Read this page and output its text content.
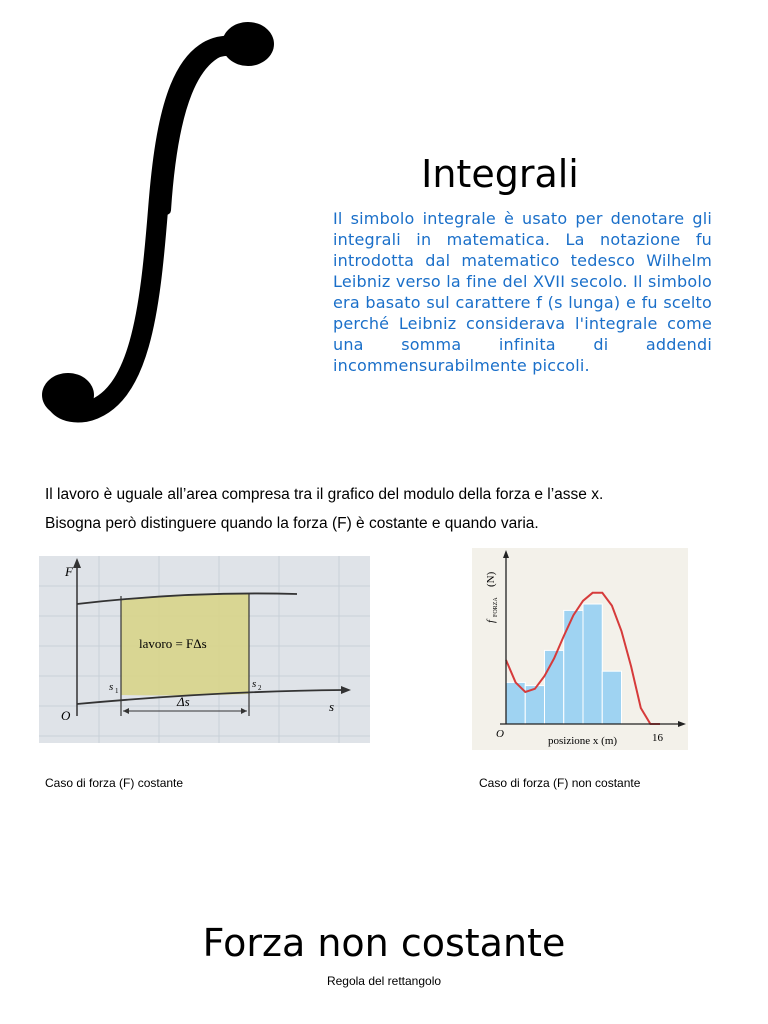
Integrali
Il simbolo integrale è usato per denotare gli integrali in matematica. La notazione fu introdotta dal matematico tedesco Wilhelm Leibniz verso la fine del XVII secolo. Il simbolo era basato sul carattere f (s lunga) e fu scelto perché Leibniz considerava l'integrale come una somma infinita di addendi incommensurabilmente piccoli.

Il lavoro è uguale all’area compresa tra il grafico del modulo della forza e l’asse x.

Bisogna però distinguere quando la forza (F) è costante e quando varia.

F
s
O
lavoro = FΔs
s 1
s 2
Δs
f
FORZA
(N)
O
posizione x (m)	16
Caso di forza (F) costante	Caso di forza (F) non costante
Forza non costante
Regola del rettangolo
